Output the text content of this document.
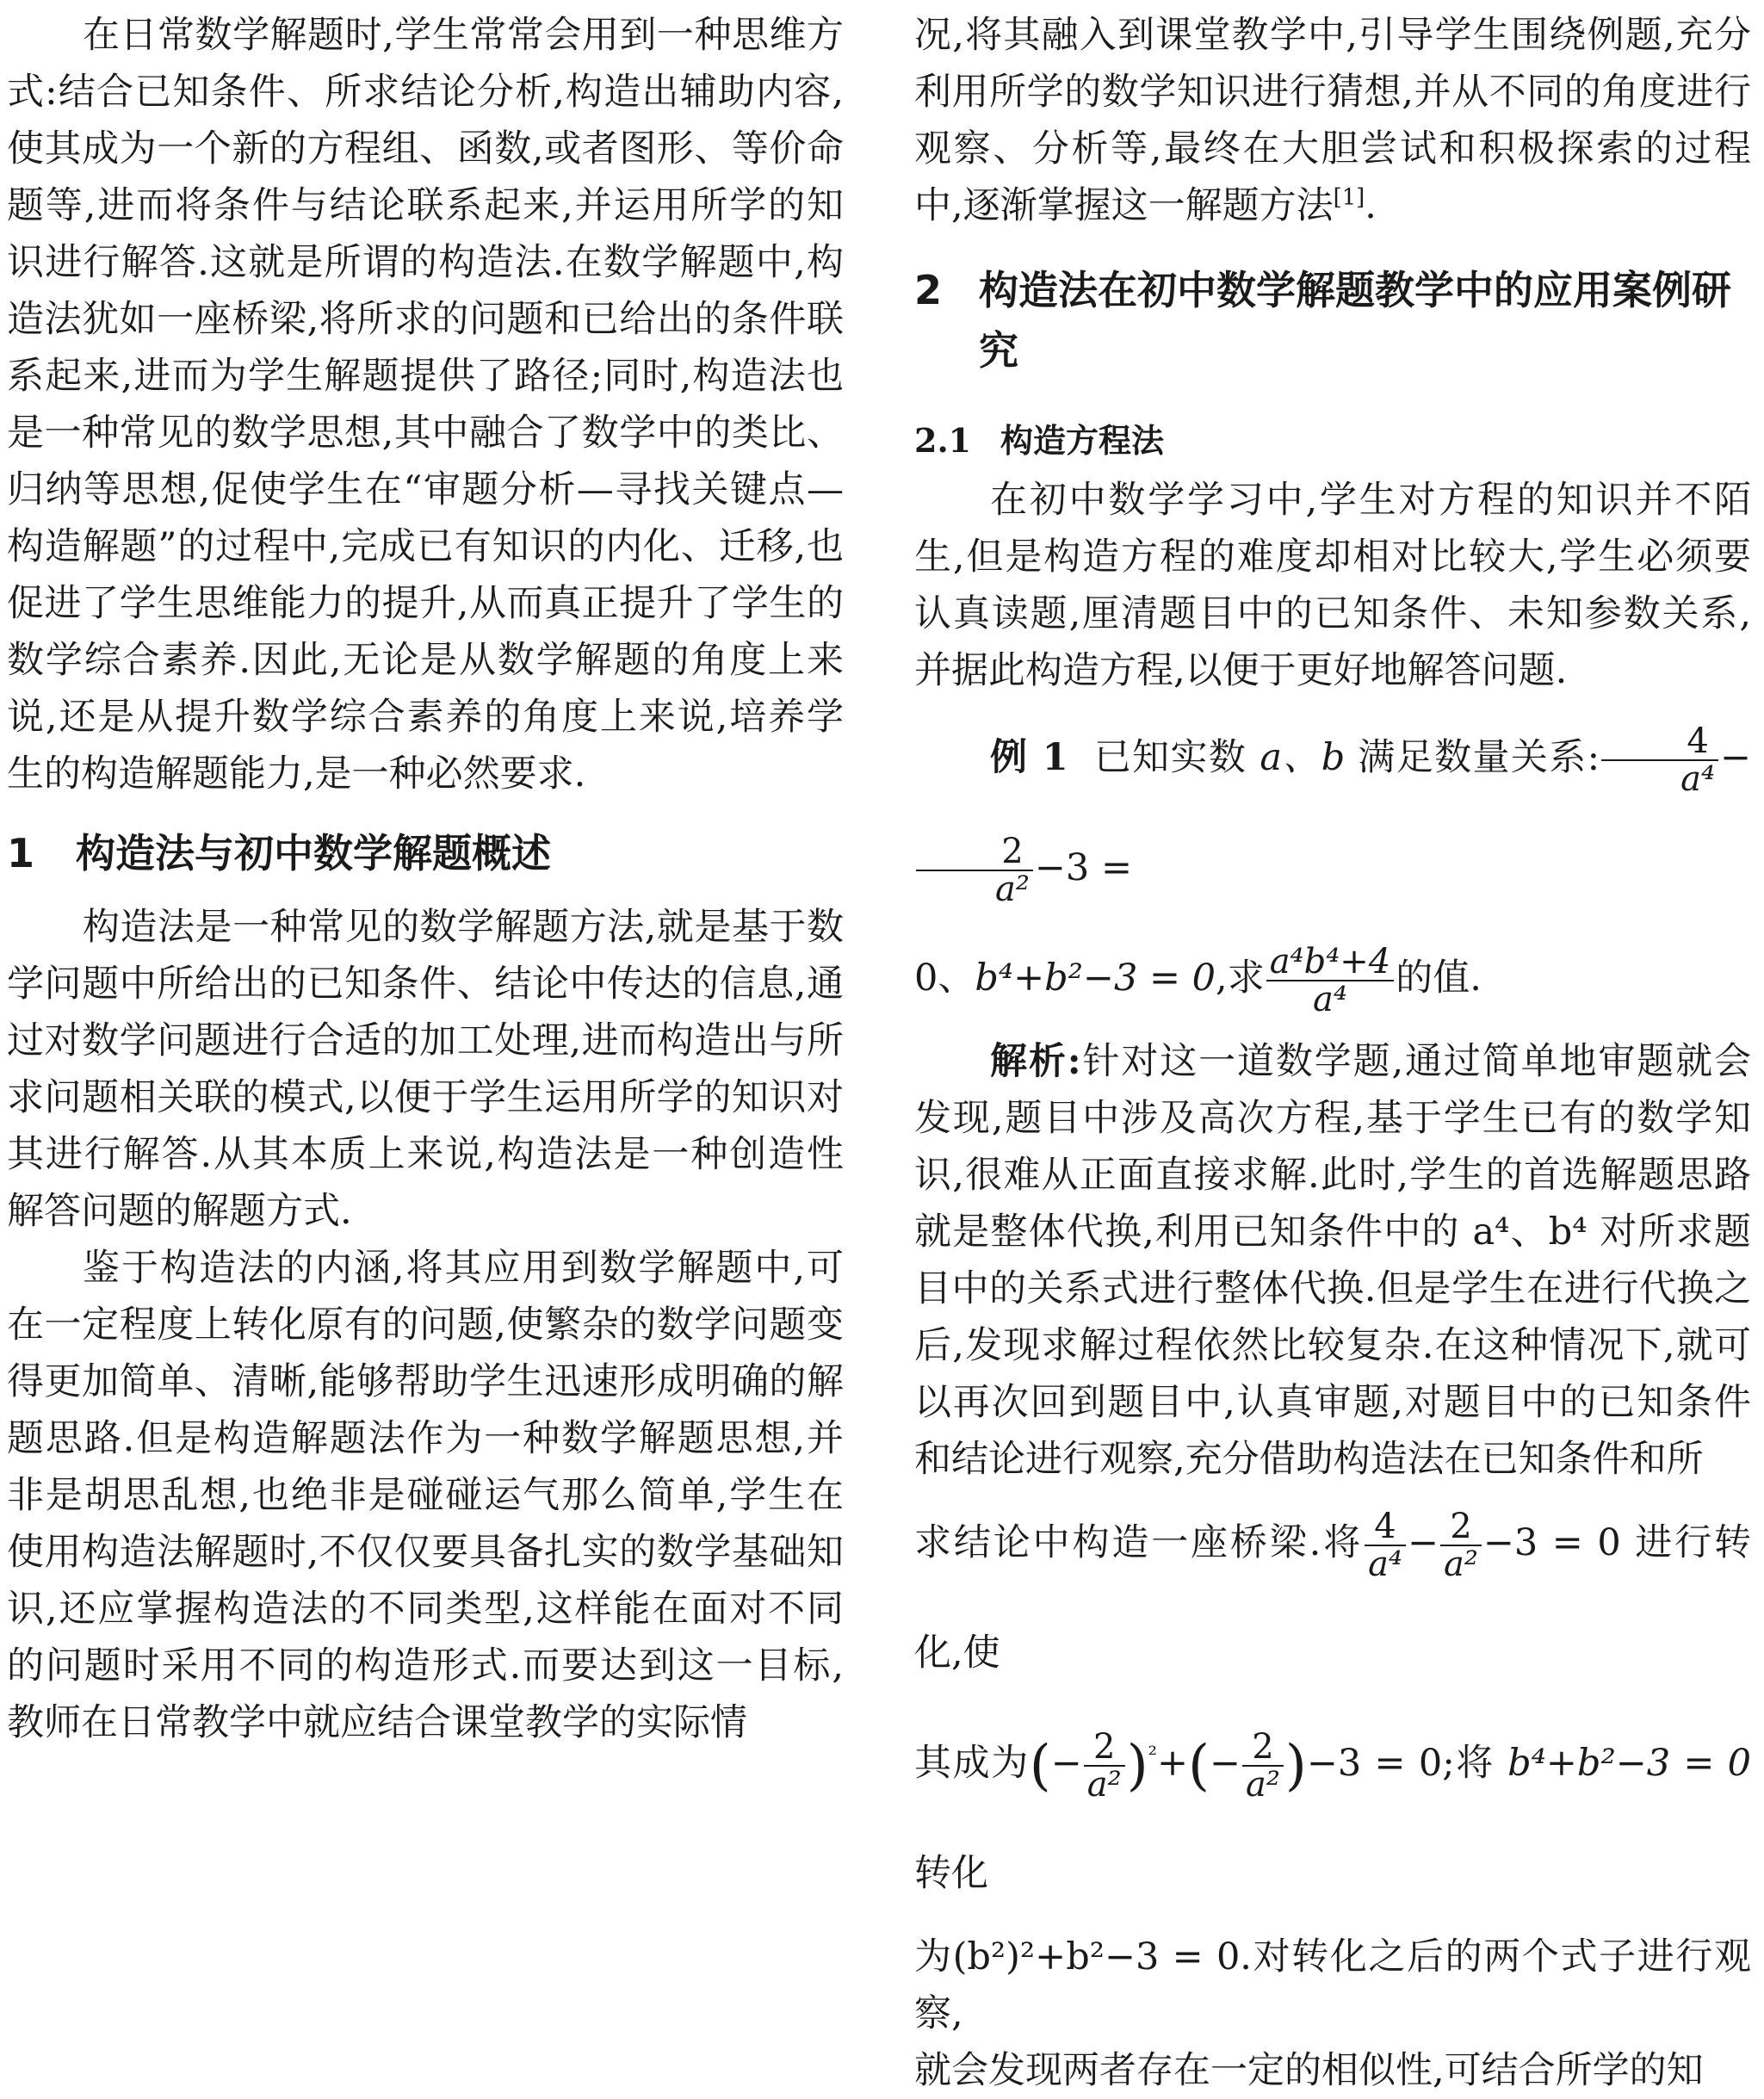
在日常数学解题时,学生常常会用到一种思维方式:结合已知条件、所求结论分析,构造出辅助内容,使其成为一个新的方程组、函数,或者图形、等价命题等,进而将条件与结论联系起来,并运用所学的知识进行解答.这就是所谓的构造法.在数学解题中,构造法犹如一座桥梁,将所求的问题和已给出的条件联系起来,进而为学生解题提供了路径;同时,构造法也是一种常见的数学思想,其中融合了数学中的类比、归纳等思想,促使学生在“审题分析—寻找关键点—构造解题”的过程中,完成已有知识的内化、迁移,也促进了学生思维能力的提升,从而真正提升了学生的数学综合素养.因此,无论是从数学解题的角度上来说,还是从提升数学综合素养的角度上来说,培养学生的构造解题能力,是一种必然要求.

1 构造法与初中数学解题概述

构造法是一种常见的数学解题方法,就是基于数学问题中所给出的已知条件、结论中传达的信息,通过对数学问题进行合适的加工处理,进而构造出与所求问题相关联的模式,以便于学生运用所学的知识对其进行解答.从其本质上来说,构造法是一种创造性解答问题的解题方式.

鉴于构造法的内涵,将其应用到数学解题中,可在一定程度上转化原有的问题,使繁杂的数学问题变得更加简单、清晰,能够帮助学生迅速形成明确的解题思路.但是构造解题法作为一种数学解题思想,并非是胡思乱想,也绝非是碰碰运气那么简单,学生在使用构造法解题时,不仅仅要具备扎实的数学基础知识,还应掌握构造法的不同类型,这样能在面对不同的问题时采用不同的构造形式.而要达到这一目标,教师在日常教学中就应结合课堂教学的实际情

况,将其融入到课堂教学中,引导学生围绕例题,充分利用所学的数学知识进行猜想,并从不同的角度进行观察、分析等,最终在大胆尝试和积极探索的过程中,逐渐掌握这一解题方法[1].

2 构造法在初中数学解题教学中的应用案例研究
2.1 构造方程法

在初中数学学习中,学生对方程的知识并不陌生,但是构造方程的难度却相对比较大,学生必须要认真读题,厘清题目中的已知条件、未知参数关系,并据此构造方程,以便于更好地解答问题.

例 1 已知实数 a、b 满足数量关系: $\frac{4}{\text{a⁴}}$ −
$\frac{2}{\text{a²}} -3$ =

0、b⁴+b²−3 = 0,求 $\frac{\text{a⁴b⁴+4}}{\text{a⁴}}$ 的值.

解析:针对这一道数学题,通过简单地审题就会发现,题目中涉及高次方程,基于学生已有的数学知识,很难从正面直接求解.此时,学生的首选解题思路就是整体代换,利用已知条件中的 a⁴、b⁴ 对所求题目中的关系式进行整体代换.但是学生在进行代换之后,发现求解过程依然比较复杂.在这种情况下,就可以再次回到题目中,认真审题,对题目中的已知条件和结论进行观察,充分借助构造法在已知条件和所

求结论中构造一座桥梁.将 $\frac{4}{\text{a⁴}} - \frac{2}{\text{a²}} -3 = 0$ 进行转化,使

其成为(− $\frac{2}{\text{a²}} )^{^2}+(- \frac{2}{\text{a²}} )-3 = 0$;将 b⁴+b²−3 = 0 转化

为(b²)²+b²−3 = 0.对转化之后的两个式子进行观察,

就会发现两者存在一定的相似性,可结合所学的知
